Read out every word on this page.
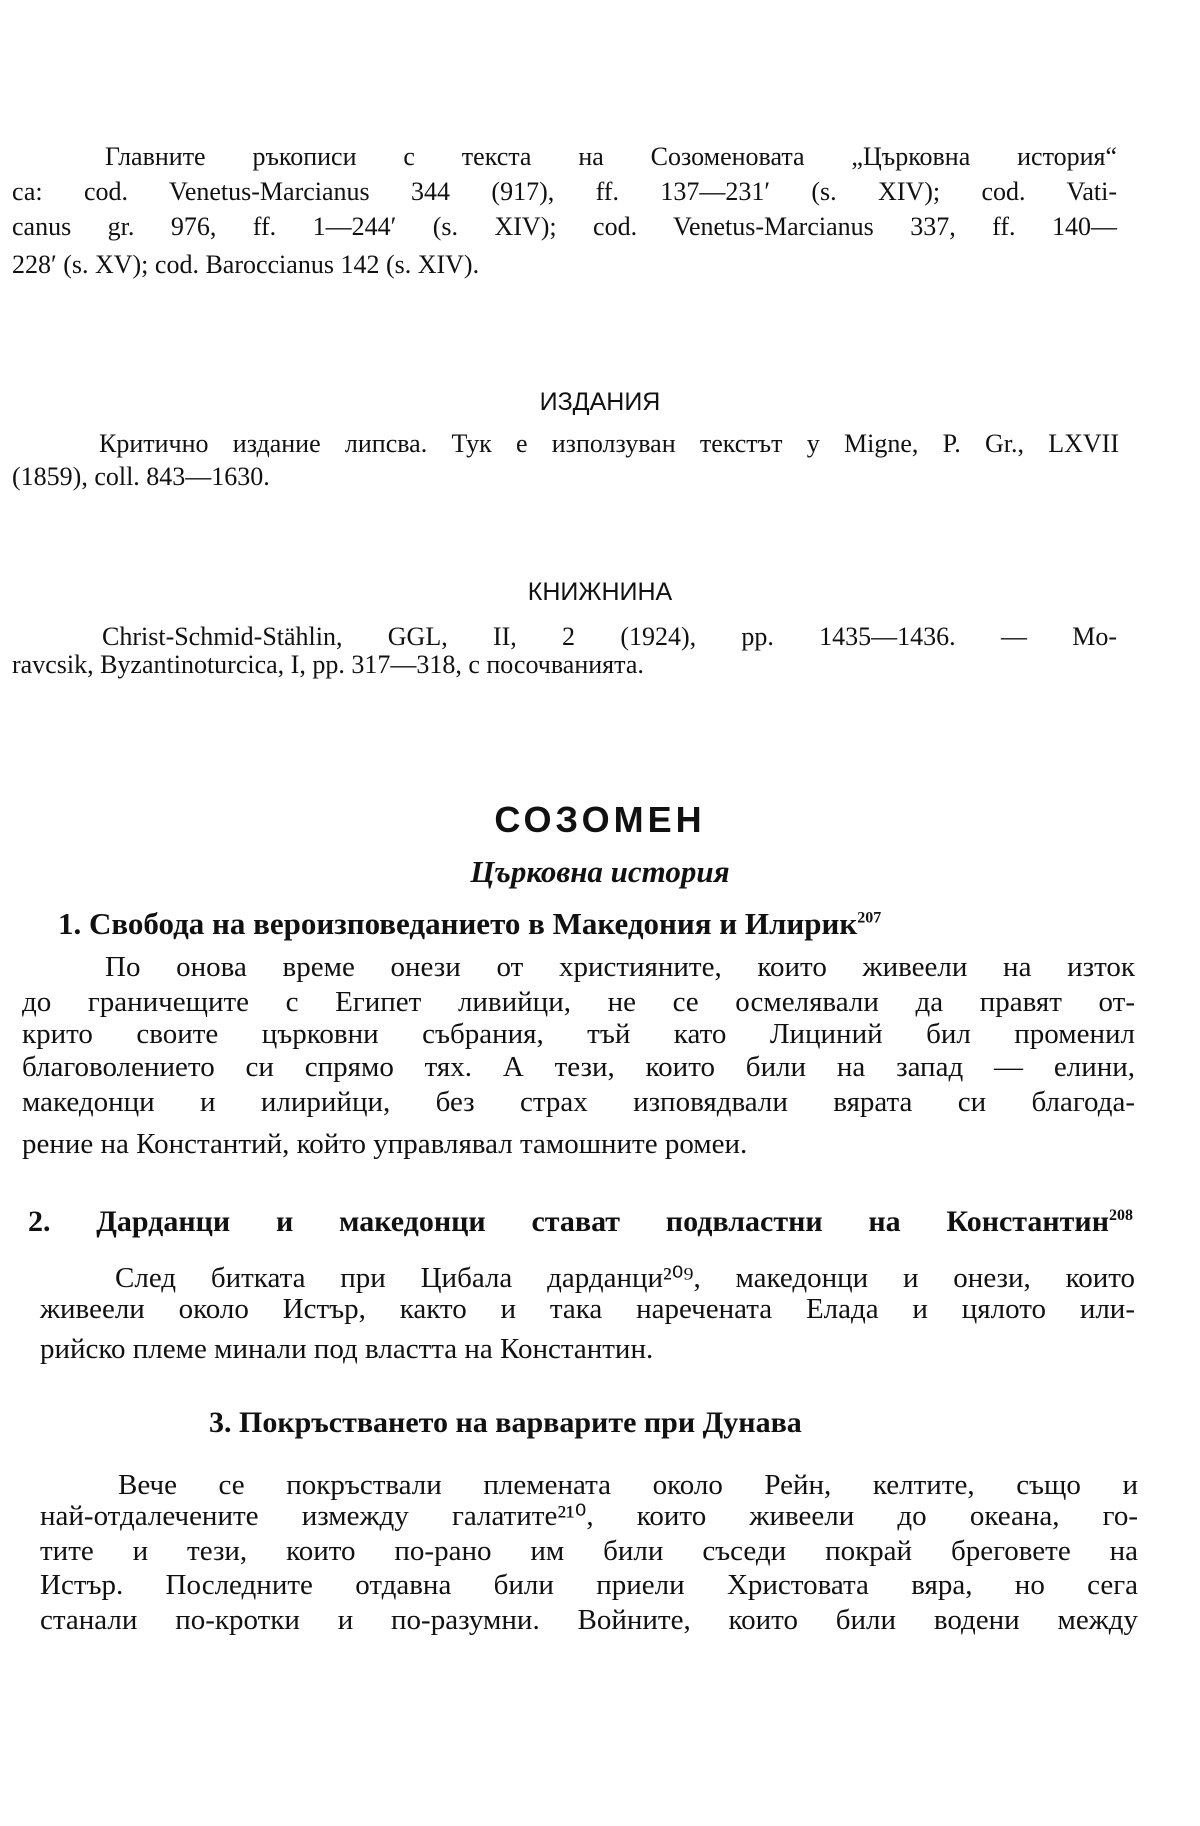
Главните ръкописи с текста на Созоменовата „Църковна история“
са: cod. Venetus-Marcianus 344 (917), ff. 137—231′ (s. XIV); cod. Vati-
canus gr. 976, ff. 1—244′ (s. XIV); cod. Venetus-Marcianus 337, ff. 140—
228′ (s. XV); cod. Baroccianus 142 (s. XIV).
ИЗДАНИЯ
Критично издание липсва. Тук е използуван текстът у Migne, P. Gr., LXVII
(1859), coll. 843—1630.
КНИЖНИНА
Christ-Schmid-Stählin, GGL, II, 2 (1924), pp. 1435—1436. — Mo-
ravcsik, Byzantinoturcica, I, pp. 317—318, с посочванията.
СОЗОМЕН
Църковна история
1. Свобода на вероизповеданието в Македония и Илирик$^{207}$
По онова време онези от християните, които живеели на изток
до граничещите с Египет ливийци, не се осмелявали да правят от-
крито своите църковни събрания, тъй като Лициний бил променил
благоволението си спрямо тях. А тези, които били на запад — елини,
македонци и илирийци, без страх изповядвали вярата си благода-
рение на Константий, който управлявал тамошните ромеи.
2. Дарданци и македонци стават подвластни на Константин$^{208}$
След битката при Цибала дарданци²⁰⁹, македонци и онези, които
живеели около Истър, както и така наречената Елада и цялото или-
рийско племе минали под властта на Константин.
3. Покръстването на варварите при Дунава
Вече се покръствали племената около Рейн, келтите, също и
най-отдалечените измежду галатите²¹⁰, които живеели до океана, го-
тите и тези, които по-рано им били съседи покрай бреговете на
Истър. Последните отдавна били приели Христовата вяра, но сега
станали по-кротки и по-разумни. Войните, които били водени между
